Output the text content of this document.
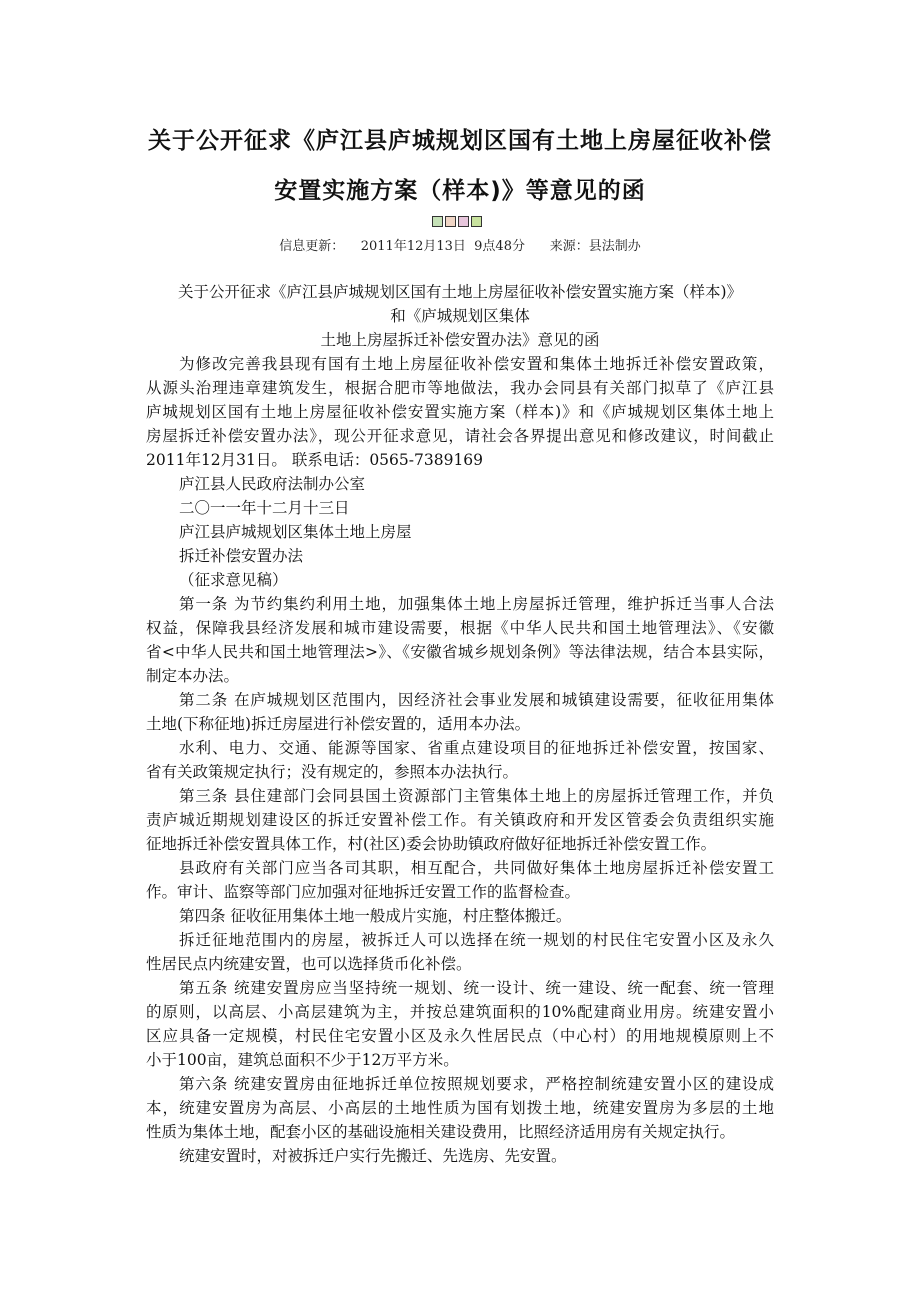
关于公开征求《庐江县庐城规划区国有土地上房屋征收补偿
安置实施方案（样本)》等意见的函
信息更新：    2011年12月13日  9点48分      来源：县法制办
关于公开征求《庐江县庐城规划区国有土地上房屋征收补偿安置实施方案（样本)》
和《庐城规划区集体
土地上房屋拆迁补偿安置办法》意见的函
为修改完善我县现有国有土地上房屋征收补偿安置和集体土地拆迁补偿安置政策，
从源头治理违章建筑发生，根据合肥市等地做法，我办会同县有关部门拟草了《庐江县
庐城规划区国有土地上房屋征收补偿安置实施方案（样本)》和《庐城规划区集体土地上
房屋拆迁补偿安置办法》，现公开征求意见，请社会各界提出意见和修改建议，时间截止
2011年12月31日。 联系电话：0565-7389169
庐江县人民政府法制办公室
二〇一一年十二月十三日
庐江县庐城规划区集体土地上房屋
拆迁补偿安置办法
（征求意见稿）
第一条 为节约集约利用土地，加强集体土地上房屋拆迁管理，维护拆迁当事人合法
权益，保障我县经济发展和城市建设需要，根据《中华人民共和国土地管理法》、《安徽
省<中华人民共和国土地管理法>》、《安徽省城乡规划条例》等法律法规，结合本县实际，
制定本办法。
第二条 在庐城规划区范围内，因经济社会事业发展和城镇建设需要，征收征用集体
土地(下称征地)拆迁房屋进行补偿安置的，适用本办法。
水利、电力、交通、能源等国家、省重点建设项目的征地拆迁补偿安置，按国家、
省有关政策规定执行；没有规定的，参照本办法执行。
第三条 县住建部门会同县国土资源部门主管集体土地上的房屋拆迁管理工作，并负
责庐城近期规划建设区的拆迁安置补偿工作。有关镇政府和开发区管委会负责组织实施
征地拆迁补偿安置具体工作，村(社区)委会协助镇政府做好征地拆迁补偿安置工作。
县政府有关部门应当各司其职，相互配合，共同做好集体土地房屋拆迁补偿安置工
作。审计、监察等部门应加强对征地拆迁安置工作的监督检查。
第四条 征收征用集体土地一般成片实施，村庄整体搬迁。
拆迁征地范围内的房屋，被拆迁人可以选择在统一规划的村民住宅安置小区及永久
性居民点内统建安置，也可以选择货币化补偿。
第五条 统建安置房应当坚持统一规划、统一设计、统一建设、统一配套、统一管理
的原则，以高层、小高层建筑为主，并按总建筑面积的10%配建商业用房。统建安置小
区应具备一定规模，村民住宅安置小区及永久性居民点（中心村）的用地规模原则上不
小于100亩，建筑总面积不少于12万平方米。
第六条 统建安置房由征地拆迁单位按照规划要求，严格控制统建安置小区的建设成
本，统建安置房为高层、小高层的土地性质为国有划拨土地，统建安置房为多层的土地
性质为集体土地，配套小区的基础设施相关建设费用，比照经济适用房有关规定执行。
统建安置时，对被拆迁户实行先搬迁、先选房、先安置。
